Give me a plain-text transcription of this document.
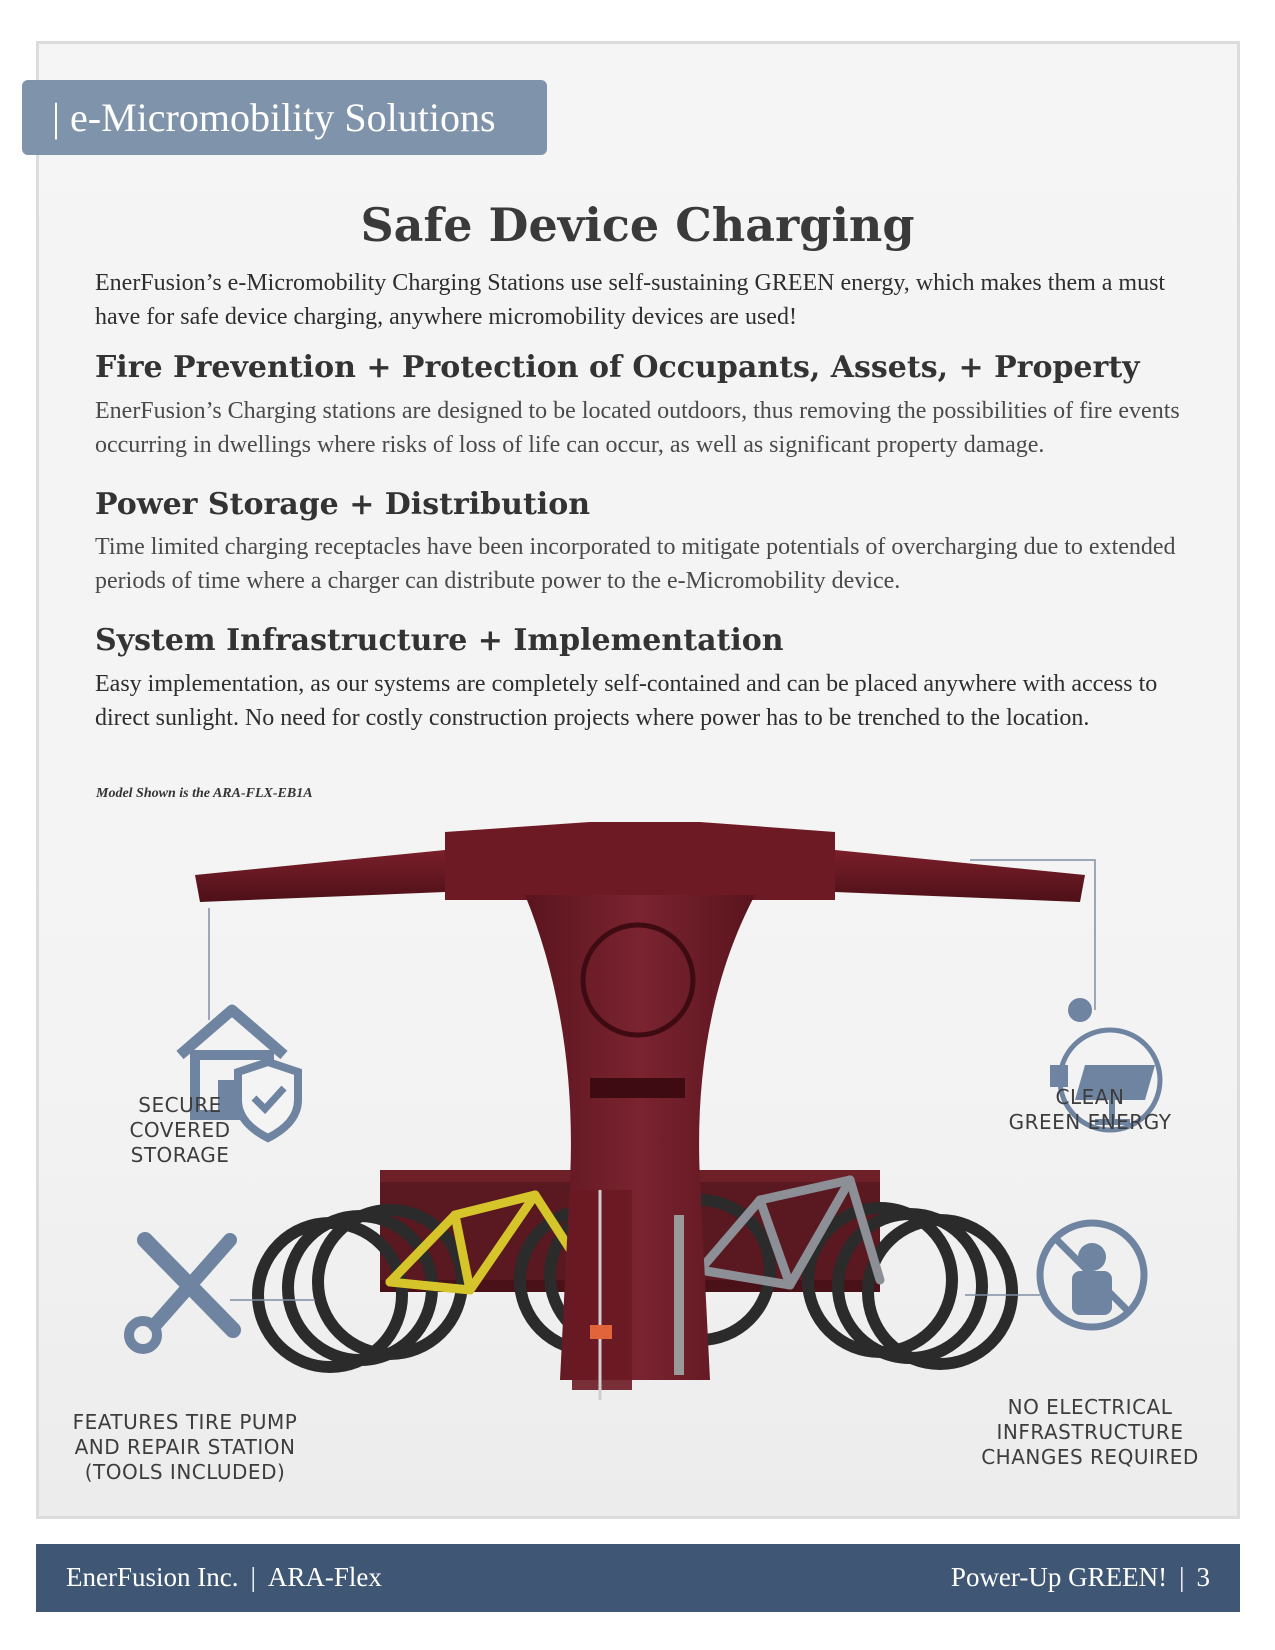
| e-Micromobility Solutions
Safe Device Charging
EnerFusion’s e-Micromobility Charging Stations use self-sustaining GREEN energy, which makes them a must have for safe device charging, anywhere micromobility devices are used!
Fire Prevention + Protection of Occupants, Assets, + Property
EnerFusion’s Charging stations are designed to be located outdoors, thus removing the possibilities of fire events occurring in dwellings where risks of loss of life can occur, as well as significant property damage.
Power Storage + Distribution
Time limited charging receptacles have been incorporated to mitigate potentials of overcharging due to extended periods of time where a charger can distribute power to the e-Micromobility device.
System Infrastructure + Implementation
Easy implementation, as our systems are completely self-contained and can be placed anywhere with access to direct sunlight. No need for costly construction projects where power has to be trenched to the location.
Model Shown is the ARA-FLX-EB1A
SECURE
COVERED STORAGE
CLEAN
GREEN ENERGY
FEATURES TIRE PUMP
AND REPAIR STATION
(TOOLS INCLUDED)
NO ELECTRICAL
INFRASTRUCTURE
CHANGES REQUIRED
EnerFusion Inc. | ARA-Flex	Power-Up GREEN! | 3
